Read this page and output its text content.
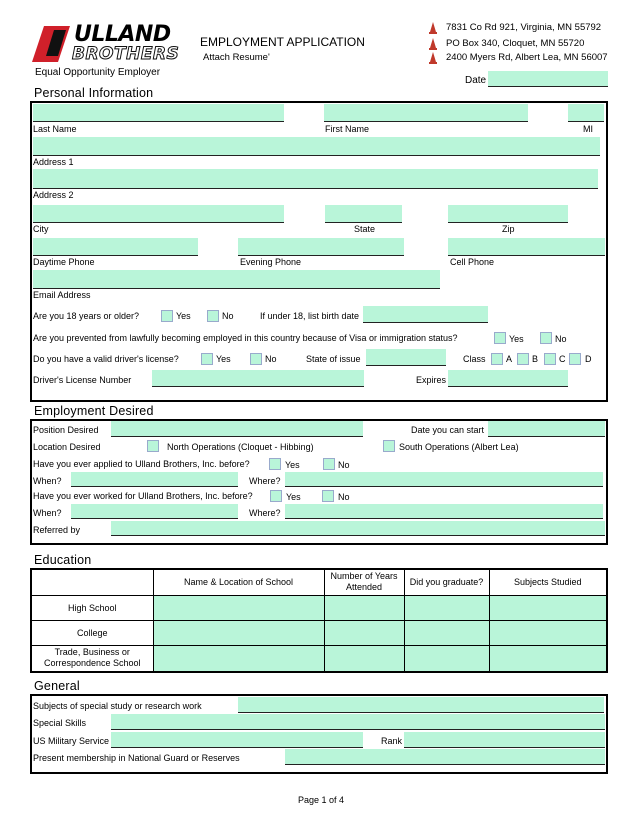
ULLAND
BROTHERS
Equal Opportunity Employer
EMPLOYMENT APPLICATION
Attach Resume'
7831 Co Rd 921, Virginia, MN 55792
PO Box 340, Cloquet, MN 55720
2400 Myers Rd, Albert Lea, MN 56007
Date
Personal Information
Last Name	First Name	MI
Address 1
Address 2
City	State	Zip
Daytime Phone	Evening Phone	Cell Phone
Email Address
Are you 18 years or older?	Yes	No	If under 18, list birth date
Are you prevented from lawfully becoming employed in this country because of Visa or immigration status?	Yes	No
Do you have a valid driver's license?	Yes	No	State of issue	Class A B C D
Driver's License Number	Expires
Employment Desired
Position Desired	Date you can start
Location Desired	North Operations (Cloquet - Hibbing)	South Operations (Albert Lea)
Have you ever applied to Ulland Brothers, Inc. before?	Yes	No
When?	Where?
Have you ever worked for Ulland Brothers, Inc. before?	Yes	No
When?	Where?
Referred by
Education
	Name & Location of School	Number of Years Attended	Did you graduate?	Subjects Studied
High School				
College				
Trade, Business or Correspondence School				
General
Subjects of special study or research work
Special Skills
US Military Service	Rank
Present membership in National Guard or Reserves
Page 1 of 4
